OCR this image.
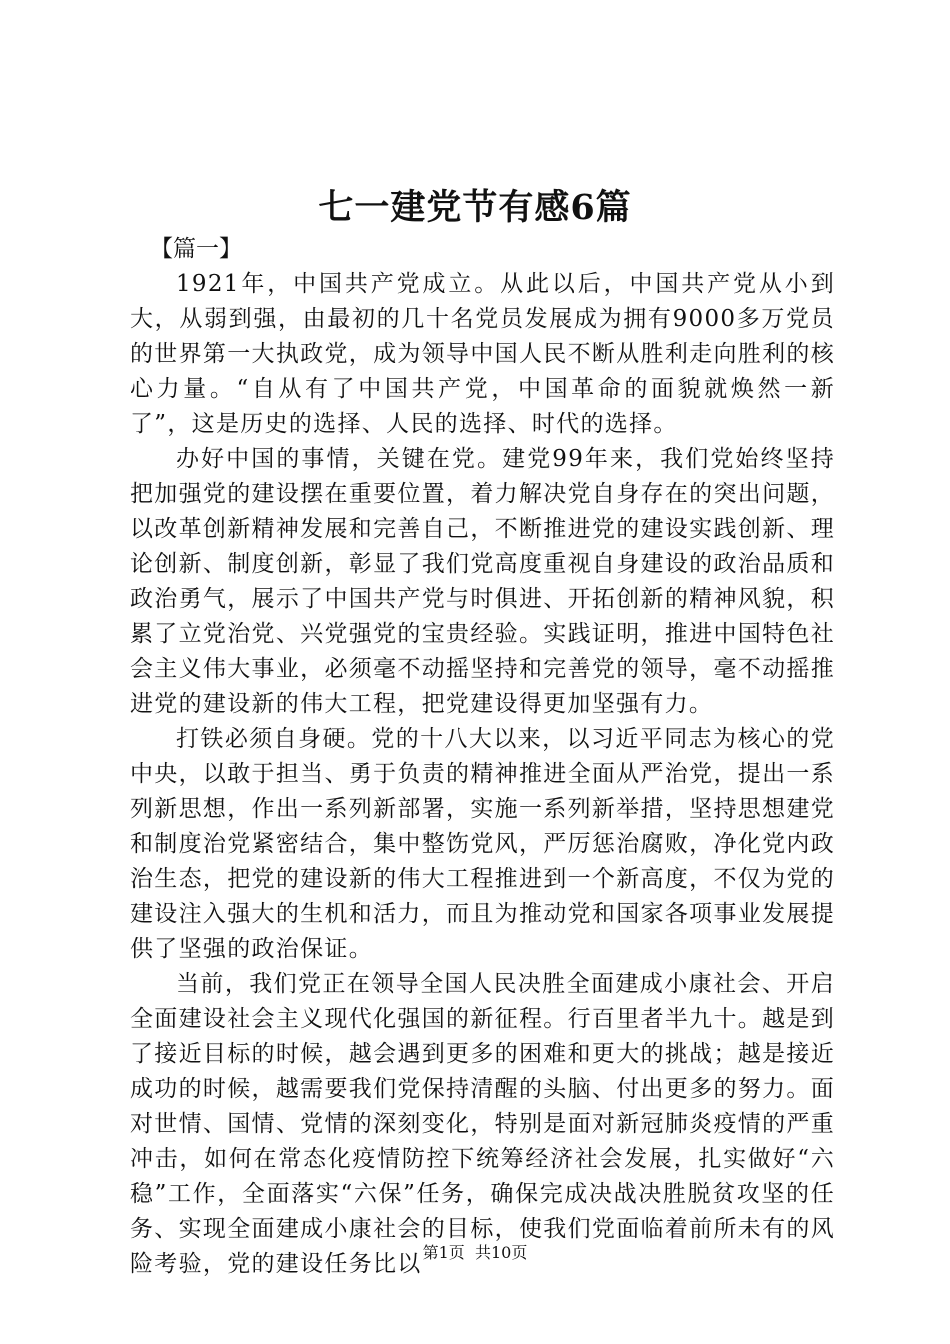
七一建党节有感6篇

【篇一】

1921年，中国共产党成立。从此以后，中国共产党从小到大，从弱到强，由最初的几十名党员发展成为拥有9000多万党员的世界第一大执政党，成为领导中国人民不断从胜利走向胜利的核心力量。“自从有了中国共产党，中国革命的面貌就焕然一新了”，这是历史的选择、人民的选择、时代的选择。

办好中国的事情，关键在党。建党99年来，我们党始终坚持把加强党的建设摆在重要位置，着力解决党自身存在的突出问题，以改革创新精神发展和完善自己，不断推进党的建设实践创新、理论创新、制度创新，彰显了我们党高度重视自身建设的政治品质和政治勇气，展示了中国共产党与时俱进、开拓创新的精神风貌，积累了立党治党、兴党强党的宝贵经验。实践证明，推进中国特色社会主义伟大事业，必须毫不动摇坚持和完善党的领导，毫不动摇推进党的建设新的伟大工程，把党建设得更加坚强有力。

打铁必须自身硬。党的十八大以来，以习近平同志为核心的党中央，以敢于担当、勇于负责的精神推进全面从严治党，提出一系列新思想，作出一系列新部署，实施一系列新举措，坚持思想建党和制度治党紧密结合，集中整饬党风，严厉惩治腐败，净化党内政治生态，把党的建设新的伟大工程推进到一个新高度，不仅为党的建设注入强大的生机和活力，而且为推动党和国家各项事业发展提供了坚强的政治保证。

当前，我们党正在领导全国人民决胜全面建成小康社会、开启全面建设社会主义现代化强国的新征程。行百里者半九十。越是到了接近目标的时候，越会遇到更多的困难和更大的挑战；越是接近成功的时候，越需要我们党保持清醒的头脑、付出更多的努力。面对世情、国情、党情的深刻变化，特别是面对新冠肺炎疫情的严重冲击，如何在常态化疫情防控下统筹经济社会发展，扎实做好“六稳”工作，全面落实“六保”任务，确保完成决战决胜脱贫攻坚的任务、实现全面建成小康社会的目标，使我们党面临着前所未有的风险考验，党的建设任务比以 第1页 共10页
